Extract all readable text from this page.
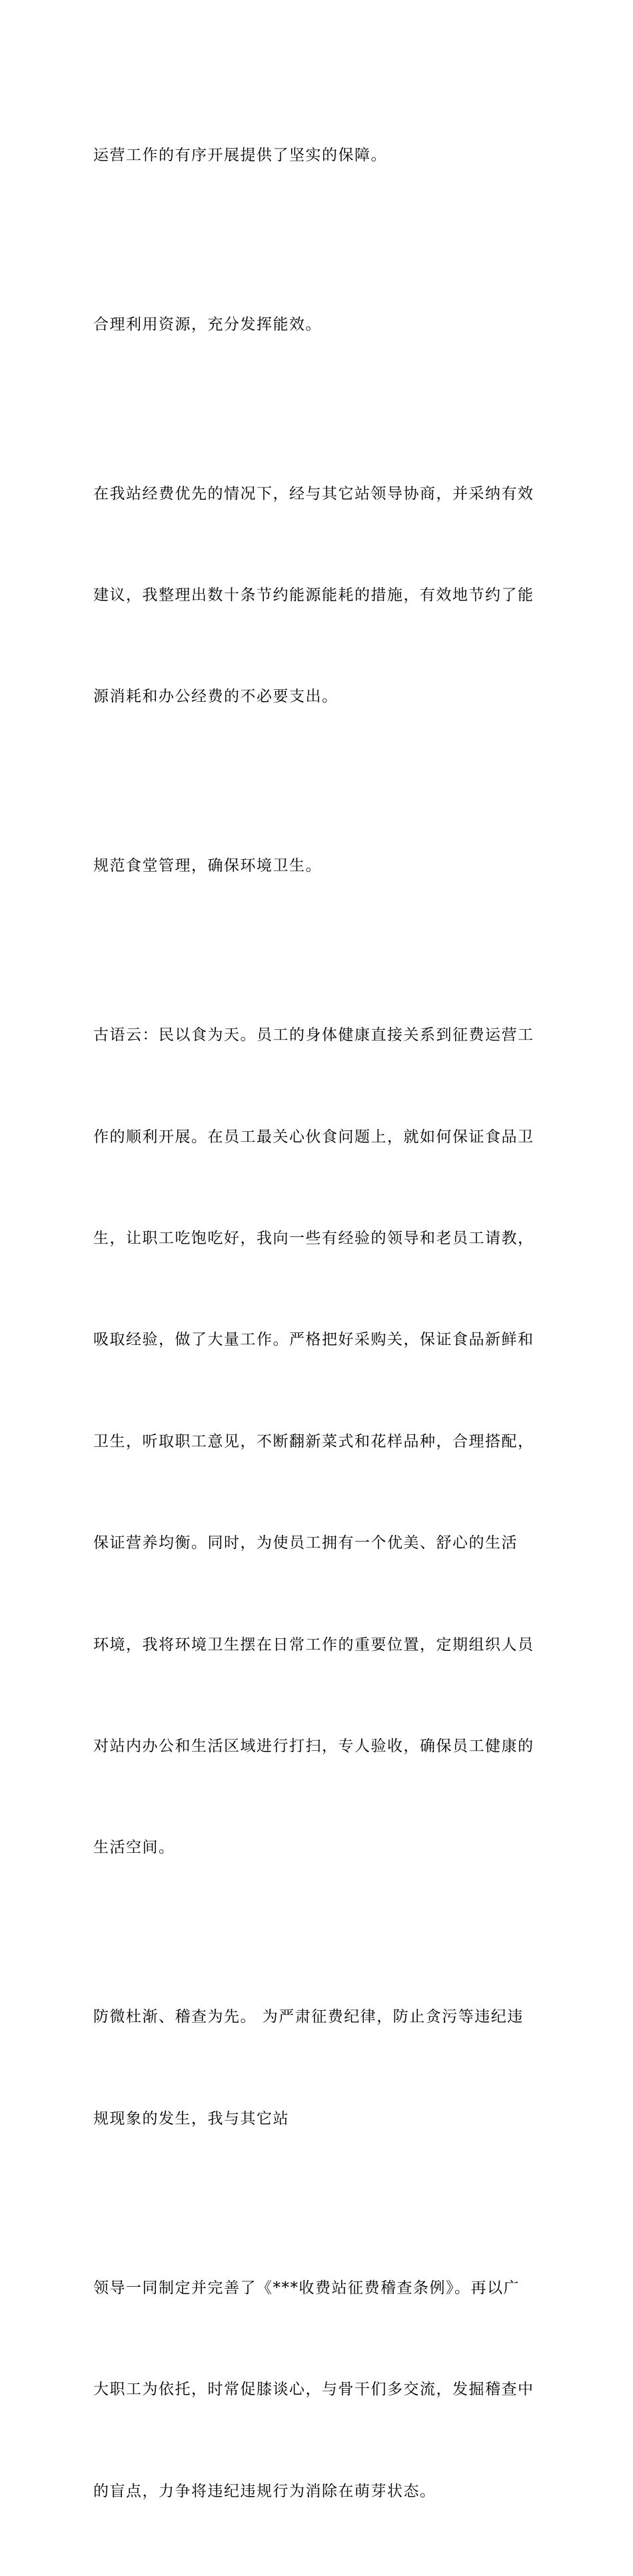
运营工作的有序开展提供了坚实的保障。

合理利用资源，充分发挥能效。

在我站经费优先的情况下，经与其它站领导协商，并采纳有效

建议，我整理出数十条节约能源能耗的措施，有效地节约了能

源消耗和办公经费的不必要支出。

规范食堂管理，确保环境卫生。

古语云：民以食为天。员工的身体健康直接关系到征费运营工

作的顺利开展。在员工最关心伙食问题上，就如何保证食品卫

生，让职工吃饱吃好，我向一些有经验的领导和老员工请教，

吸取经验，做了大量工作。严格把好采购关，保证食品新鲜和

卫生，听取职工意见，不断翻新菜式和花样品种，合理搭配，

保证营养均衡。同时，为使员工拥有一个优美、舒心的生活

环境，我将环境卫生摆在日常工作的重要位置，定期组织人员

对站内办公和生活区域进行打扫，专人验收，确保员工健康的

生活空间。

防微杜渐、稽查为先。 为严肃征费纪律，防止贪污等违纪违

规现象的发生，我与其它站

领导一同制定并完善了《***收费站征费稽查条例》。再以广

大职工为依托，时常促膝谈心，与骨干们多交流，发掘稽查中

的盲点，力争将违纪违规行为消除在萌芽状态。
